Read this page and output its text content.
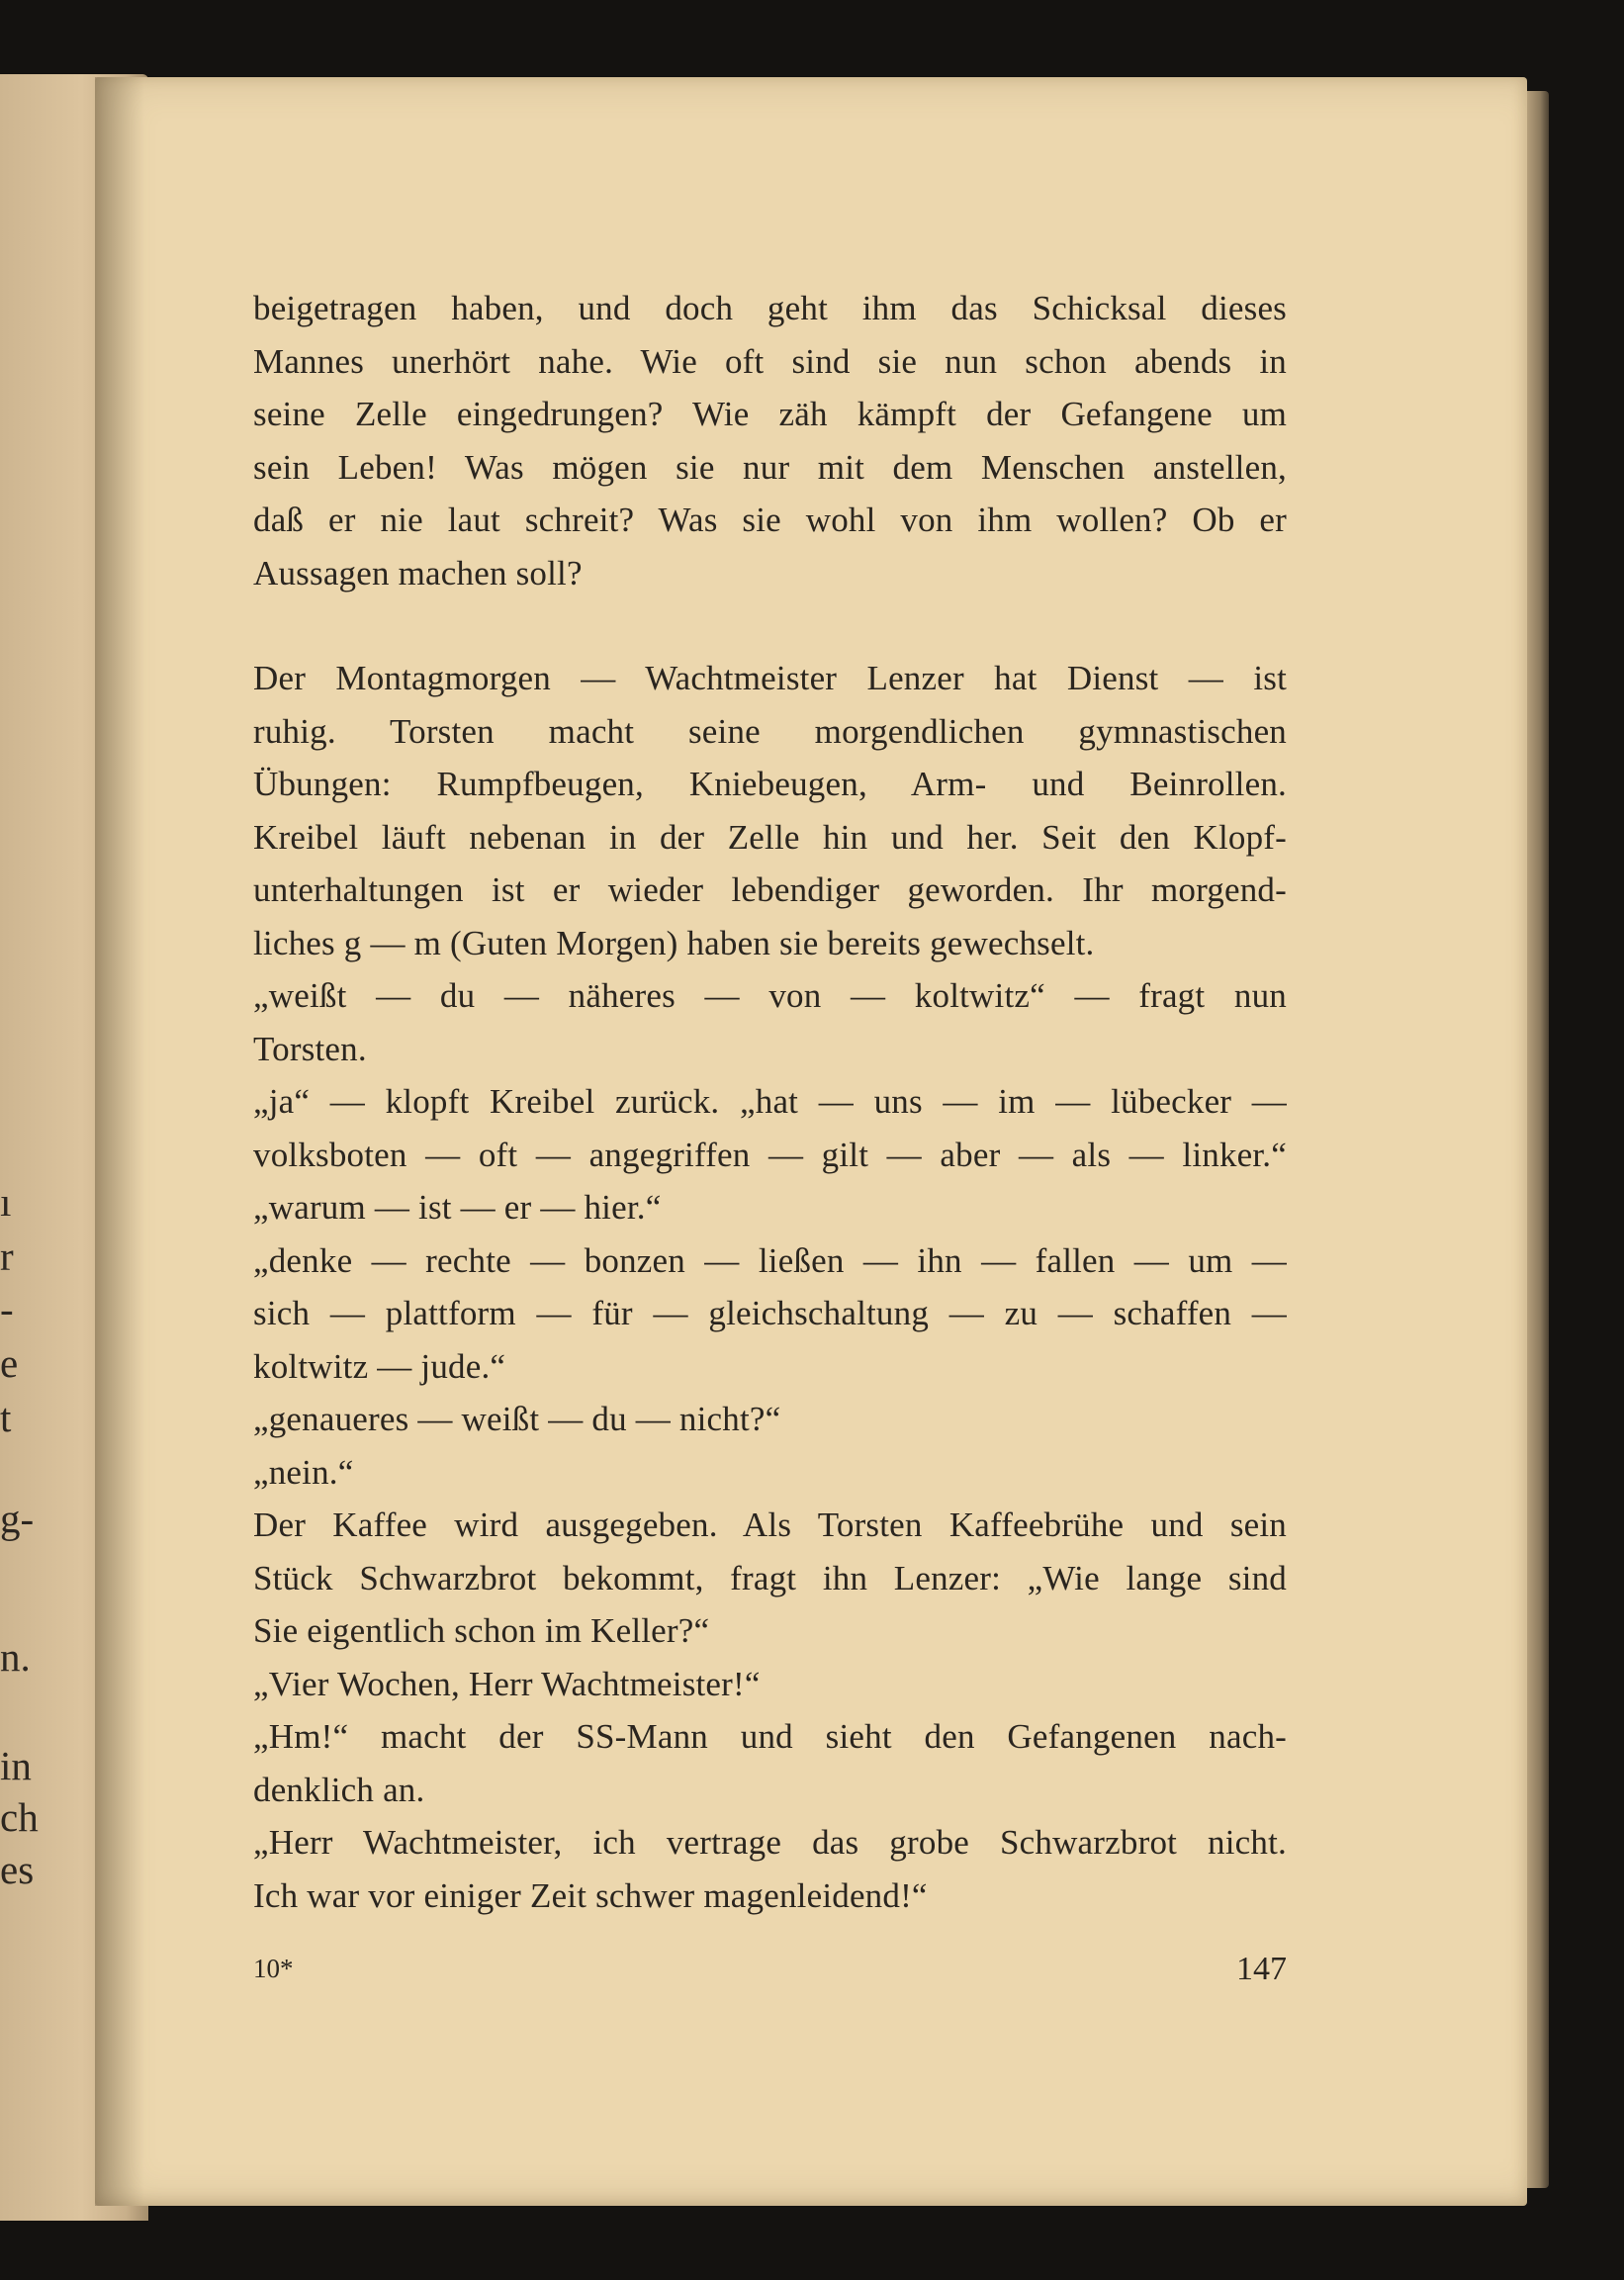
ı
r
-
e
t
g-
n.
in
ch
es
beigetragen haben, und doch geht ihm das Schicksal dieses
Mannes unerhört nahe. Wie oft sind sie nun schon abends in
seine Zelle eingedrungen? Wie zäh kämpft der Gefangene um
sein Leben! Was mögen sie nur mit dem Menschen anstellen,
daß er nie laut schreit? Was sie wohl von ihm wollen? Ob er
Aussagen machen soll?
Der Montagmorgen — Wachtmeister Lenzer hat Dienst — ist
ruhig. Torsten macht seine morgendlichen gymnastischen
Übungen: Rumpfbeugen, Kniebeugen, Arm- und Beinrollen.
Kreibel läuft nebenan in der Zelle hin und her. Seit den Klopf-
unterhaltungen ist er wieder lebendiger geworden. Ihr morgend-
liches g — m (Guten Morgen) haben sie bereits gewechselt.
„weißt — du — näheres — von — koltwitz“ — fragt nun
Torsten.
„ja“ — klopft Kreibel zurück. „hat — uns — im — lübecker —
volksboten — oft — angegriffen — gilt — aber — als — linker.“
„warum — ist — er — hier.“
„denke — rechte — bonzen — ließen — ihn — fallen — um —
sich — plattform — für — gleichschaltung — zu — schaffen —
koltwitz — jude.“
„genaueres — weißt — du — nicht?“
„nein.“
Der Kaffee wird ausgegeben. Als Torsten Kaffeebrühe und sein
Stück Schwarzbrot bekommt, fragt ihn Lenzer: „Wie lange sind
Sie eigentlich schon im Keller?“
„Vier Wochen, Herr Wachtmeister!“
„Hm!“ macht der SS-Mann und sieht den Gefangenen nach-
denklich an.
„Herr Wachtmeister, ich vertrage das grobe Schwarzbrot nicht.
Ich war vor einiger Zeit schwer magenleidend!“
10*	147
